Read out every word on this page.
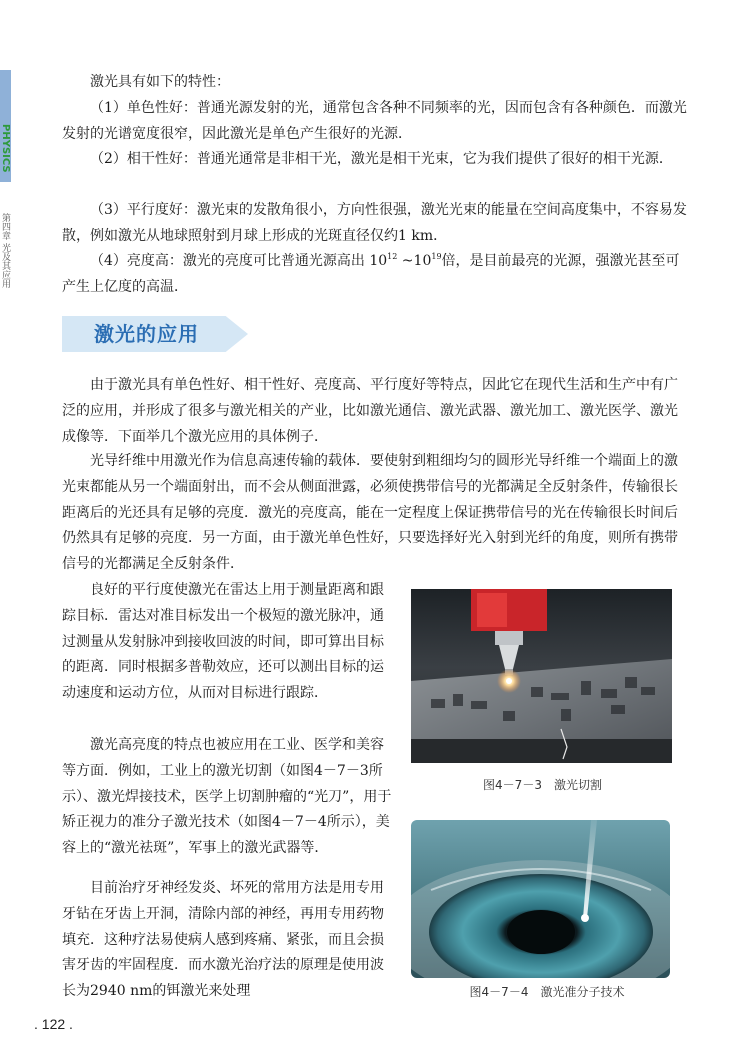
PHYSICS
第四章 光及其应用

激光具有如下的特性：

（1）单色性好：普通光源发射的光，通常包含各种不同频率的光，因而包含有各种颜色．而激光发射的光谱宽度很窄，因此激光是单色产生很好的光源．

（2）相干性好：普通光通常是非相干光，激光是相干光束，它为我们提供了很好的相干光源．

（3）平行度好：激光束的发散角很小，方向性很强，激光光束的能量在空间高度集中，不容易发散，例如激光从地球照射到月球上形成的光斑直径仅约1 km．

（4）亮度高：激光的亮度可比普通光源高出 $10^{12}$ $\sim 10^{19}$倍，是目前最亮的光源，强激光甚至可产生上亿度的高温．

激光的应用

由于激光具有单色性好、相干性好、亮度高、平行度好等特点，因此它在现代生活和生产中有广泛的应用，并形成了很多与激光相关的产业，比如激光通信、激光武器、激光加工、激光医学、激光成像等．下面举几个激光应用的具体例子．

光导纤维中用激光作为信息高速传输的载体．要使射到粗细均匀的圆形光导纤维一个端面上的激光束都能从另一个端面射出，而不会从侧面泄露，必须使携带信号的光都满足全反射条件，传输很长距离后的光还具有足够的亮度．激光的亮度高，能在一定程度上保证携带信号的光在传输很长时间后仍然具有足够的亮度．另一方面，由于激光单色性好，只要选择好光入射到光纤的角度，则所有携带信号的光都满足全反射条件．

良好的平行度使激光在雷达上用于测量距离和跟踪目标．雷达对准目标发出一个极短的激光脉冲，通过测量从发射脉冲到接收回波的时间，即可算出目标的距离．同时根据多普勒效应，还可以测出目标的运动速度和运动方位，从而对目标进行跟踪．

激光高亮度的特点也被应用在工业、医学和美容等方面．例如，工业上的激光切割（如图4－7－3所示）、激光焊接技术，医学上切割肿瘤的“光刀”，用于矫正视力的准分子激光技术（如图4－7－4所示），美容上的“激光祛斑”，军事上的激光武器等．

目前治疗牙神经发炎、坏死的常用方法是用专用牙钻在牙齿上开洞，清除内部的神经，再用专用药物填充．这种疗法易使病人感到疼痛、紧张，而且会损害牙齿的牢固程度．而水激光治疗法的原理是使用波长为2940 nm的铒激光来处理

图4－7－3　激光切割
图4－7－4　激光准分子技术
. 122 .
